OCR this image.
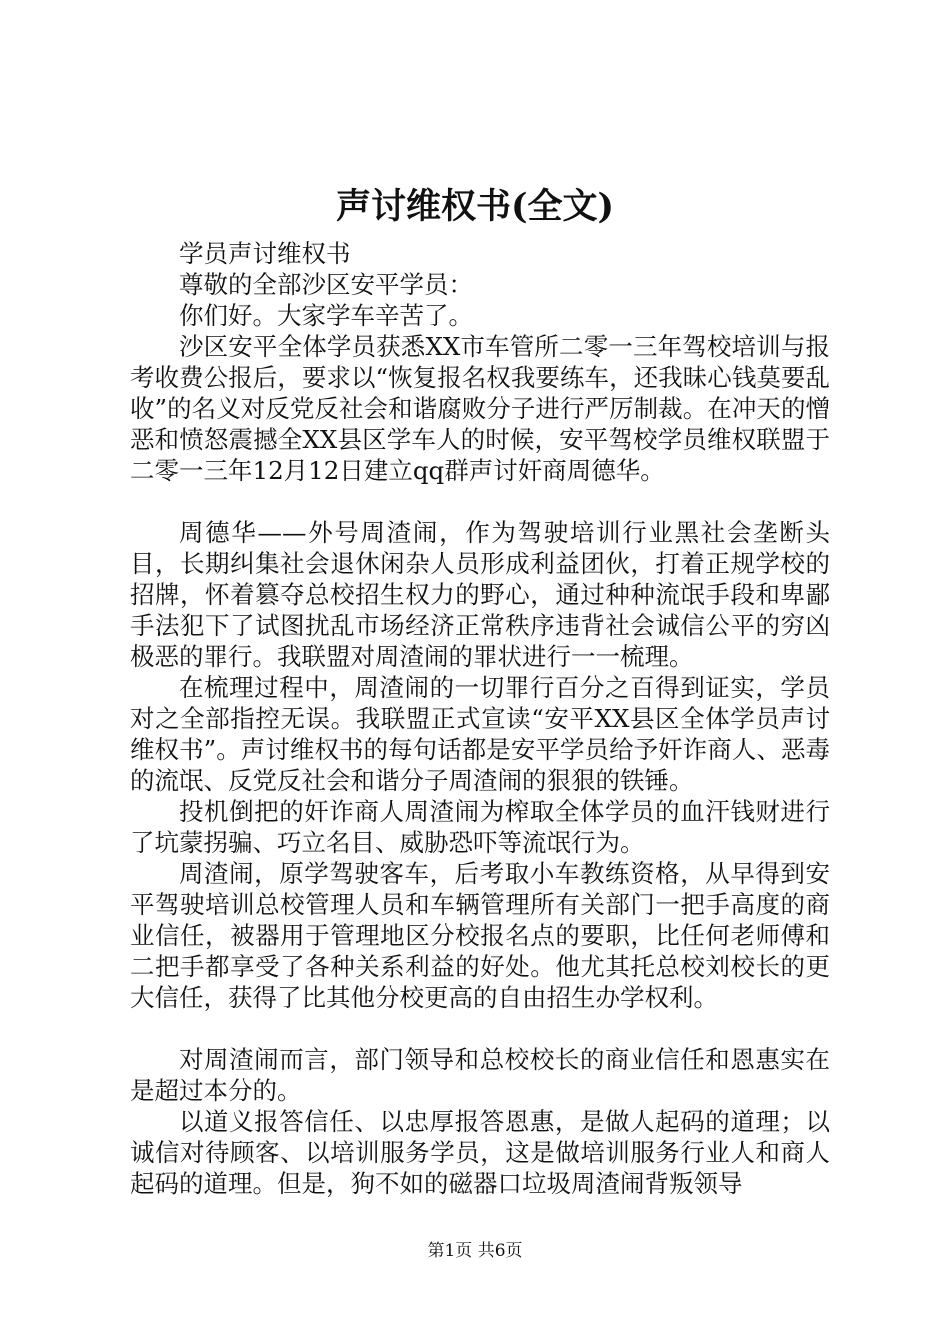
声讨维权书(全文)

学员声讨维权书

尊敬的全部沙区安平学员：

你们好。大家学车辛苦了。

沙区安平全体学员获悉XX市车管所二零一三年驾校培训与报考收费公报后，要求以“恢复报名权我要练车，还我昧心钱莫要乱收”的名义对反党反社会和谐腐败分子进行严厉制裁。在冲天的憎恶和愤怒震撼全XX县区学车人的时候，安平驾校学员维权联盟于二零一三年12月12日建立qq群声讨奸商周德华。

周德华——外号周渣闹，作为驾驶培训行业黑社会垄断头目，长期纠集社会退休闲杂人员形成利益团伙，打着正规学校的招牌，怀着篡夺总校招生权力的野心，通过种种流氓手段和卑鄙手法犯下了试图扰乱市场经济正常秩序违背社会诚信公平的穷凶极恶的罪行。我联盟对周渣闹的罪状进行一一梳理。

在梳理过程中，周渣闹的一切罪行百分之百得到证实，学员对之全部指控无误。我联盟正式宣读“安平XX县区全体学员声讨维权书”。声讨维权书的每句话都是安平学员给予奸诈商人、恶毒的流氓、反党反社会和谐分子周渣闹的狠狠的铁锤。

投机倒把的奸诈商人周渣闹为榨取全体学员的血汗钱财进行了坑蒙拐骗、巧立名目、威胁恐吓等流氓行为。

周渣闹，原学驾驶客车，后考取小车教练资格，从早得到安平驾驶培训总校管理人员和车辆管理所有关部门一把手高度的商业信任，被器用于管理地区分校报名点的要职，比任何老师傅和二把手都享受了各种关系利益的好处。他尤其托总校刘校长的更大信任，获得了比其他分校更高的自由招生办学权利。

对周渣闹而言，部门领导和总校校长的商业信任和恩惠实在是超过本分的。

以道义报答信任、以忠厚报答恩惠，是做人起码的道理；以诚信对待顾客、以培训服务学员，这是做培训服务行业人和商人起码的道理。但是，狗不如的磁器口垃圾周渣闹背叛领导

第1页 共6页
